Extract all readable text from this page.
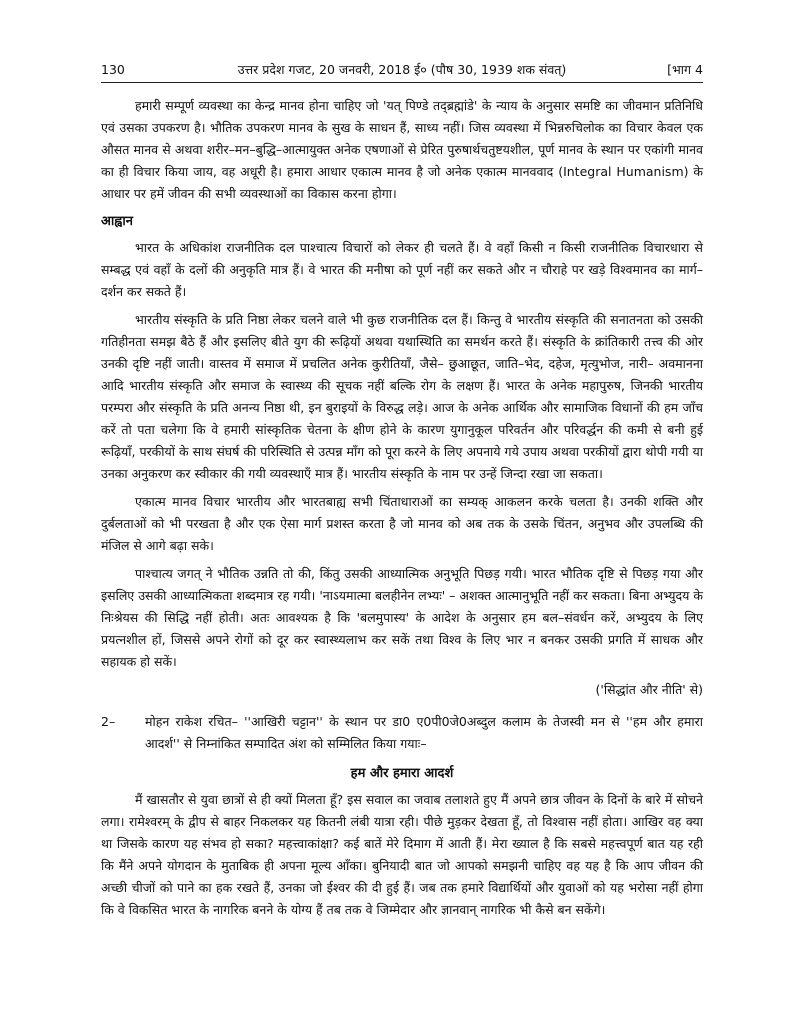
130	उत्तर प्रदेश गजट, 20 जनवरी, 2018 ई० (पौष 30, 1939 शक संवत्)	[भाग 4

हमारी सम्पूर्ण व्यवस्था का केन्द्र मानव होना चाहिए जो 'यत् पिण्डे तद्ब्रह्मांडे' के न्याय के अनुसार समष्टि का जीवमान प्रतिनिधि एवं उसका उपकरण है। भौतिक उपकरण मानव के सुख के साधन हैं, साध्य नहीं। जिस व्यवस्था में भिन्नरुचिलोक का विचार केवल एक औसत मानव से अथवा शरीर–मन–बुद्धि–आत्मायुक्त अनेक एषणाओं से प्रेरित पुरुषार्थचतुष्टयशील, पूर्ण मानव के स्थान पर एकांगी मानव का ही विचार किया जाय, वह अधूरी है। हमारा आधार एकात्म मानव है जो अनेक एकात्म मानववाद (Integral Humanism) के आधार पर हमें जीवन की सभी व्यवस्थाओं का विकास करना होगा।

आह्वान

भारत के अधिकांश राजनीतिक दल पाश्चात्य विचारों को लेकर ही चलते हैं। वे वहाँ किसी न किसी राजनीतिक विचारधारा से सम्बद्ध एवं वहाँ के दलों की अनुकृति मात्र हैं। वे भारत की मनीषा को पूर्ण नहीं कर सकते और न चौराहे पर खड़े विश्वमानव का मार्ग– दर्शन कर सकते हैं।

भारतीय संस्कृति के प्रति निष्ठा लेकर चलने वाले भी कुछ राजनीतिक दल हैं। किन्तु वे भारतीय संस्कृति की सनातनता को उसकी गतिहीनता समझ बैठे हैं और इसलिए बीते युग की रूढ़ियों अथवा यथास्थिति का समर्थन करते हैं। संस्कृति के क्रांतिकारी तत्त्व की ओर उनकी दृष्टि नहीं जाती। वास्तव में समाज में प्रचलित अनेक कुरीतियाँ, जैसे– छुआछूत, जाति–भेद, दहेज, मृत्युभोज, नारी– अवमानना आदि भारतीय संस्कृति और समाज के स्वास्थ्य की सूचक नहीं बल्कि रोग के लक्षण हैं। भारत के अनेक महापुरुष, जिनकी भारतीय परम्परा और संस्कृति के प्रति अनन्य निष्ठा थी, इन बुराइयों के विरुद्ध लड़े। आज के अनेक आर्थिक और सामाजिक विधानों की हम जाँच करें तो पता चलेगा कि वे हमारी सांस्कृतिक चेतना के क्षीण होने के कारण युगानुकूल परिवर्तन और परिवर्द्धन की कमी से बनी हुई रूढ़ियाँ, परकीयों के साथ संघर्ष की परिस्थिति से उत्पन्न माँग को पूरा करने के लिए अपनाये गये उपाय अथवा परकीयों द्वारा थोपी गयी या उनका अनुकरण कर स्वीकार की गयी व्यवस्थाएँ मात्र हैं। भारतीय संस्कृति के नाम पर उन्हें जिन्दा रखा जा सकता।

एकात्म मानव विचार भारतीय और भारतबाह्य सभी चिंताधाराओं का सम्यक् आकलन करके चलता है। उनकी शक्ति और दुर्बलताओं को भी परखता है और एक ऐसा मार्ग प्रशस्त करता है जो मानव को अब तक के उसके चिंतन, अनुभव और उपलब्धि की मंजिल से आगे बढ़ा सके।

पाश्चात्य जगत् ने भौतिक उन्नति तो की, किंतु उसकी आध्यात्मिक अनुभूति पिछड़ गयी। भारत भौतिक दृष्टि से पिछड़ गया और इसलिए उसकी आध्यात्मिकता शब्दमात्र रह गयी। 'नाऽयमात्मा बलहीनेन लभ्यः' – अशक्त आत्मानुभूति नहीं कर सकता। बिना अभ्युदय के निःश्रेयस की सिद्धि नहीं होती। अतः आवश्यक है कि 'बलमुपास्य' के आदेश के अनुसार हम बल–संवर्धन करें, अभ्युदय के लिए प्रयत्नशील हों, जिससे अपने रोगों को दूर कर स्वास्थ्यलाभ कर सकें तथा विश्व के लिए भार न बनकर उसकी प्रगति में साधक और सहायक हो सकें।

('सिद्धांत और नीति' से)
2–	मोहन राकेश रचित– ''आखिरी चट्टान'' के स्थान पर डा0 ए0पी0जे0अब्दुल कलाम के तेजस्वी मन से ''हम और हमारा आदर्श'' से निम्नांकित सम्पादित अंश को सम्मिलित किया गयाः–
हम और हमारा आदर्श

मैं खासतौर से युवा छात्रों से ही क्यों मिलता हूँ? इस सवाल का जवाब तलाशते हुए मैं अपने छात्र जीवन के दिनों के बारे में सोचने लगा। रामेश्वरम् के द्वीप से बाहर निकलकर यह कितनी लंबी यात्रा रही। पीछे मुड़कर देखता हूँ, तो विश्वास नहीं होता। आखिर वह क्या था जिसके कारण यह संभव हो सका? महत्त्वाकांक्षा? कई बातें मेरे दिमाग में आती हैं। मेरा ख्याल है कि सबसे महत्त्वपूर्ण बात यह रही कि मैंने अपने योगदान के मुताबिक ही अपना मूल्य आँका। बुनियादी बात जो आपको समझनी चाहिए वह यह है कि आप जीवन की अच्छी चीजों को पाने का हक रखते हैं, उनका जो ईश्वर की दी हुई हैं। जब तक हमारे विद्यार्थियों और युवाओं को यह भरोसा नहीं होगा कि वे विकसित भारत के नागरिक बनने के योग्य हैं तब तक वे जिम्मेदार और ज्ञानवान् नागरिक भी कैसे बन सकेंगे।
